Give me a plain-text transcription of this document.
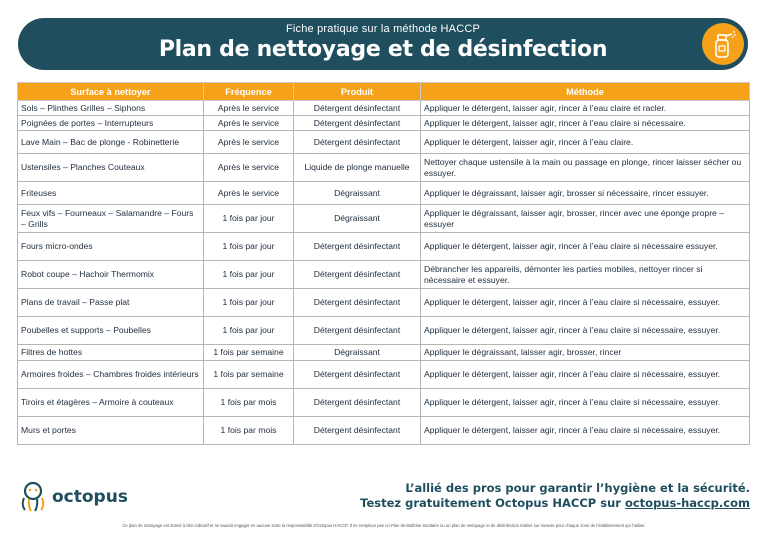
Fiche pratique sur la méthode HACCP
Plan de nettoyage et de désinfection
Surface à nettoyer	Fréquence	Produit	Méthode
Sols – Plinthes Grilles – Siphons	Après le service	Détergent désinfectant	Appliquer le détergent, laisser agir, rincer à l’eau claire et racler.
Poignées de portes – Interrupteurs	Après le service	Détergent désinfectant	Appliquer le détergent, laisser agir, rincer à l’eau claire si nécessaire.
Lave Main – Bac de plonge - Robinetterie	Après le service	Détergent désinfectant	Appliquer le détergent, laisser agir, rincer à l’eau claire.
Ustensiles – Planches Couteaux	Après le service	Liquide de plonge manuelle	Nettoyer chaque ustensile à la main ou passage en plonge, rincer laisser sécher ou essuyer.
Friteuses	Après le service	Dégraissant	Appliquer le dégraissant, laisser agir, brosser si nécessaire, rincer essuyer.
Feux vifs – Fourneaux – Salamandre – Fours – Grills	1 fois par jour	Dégraissant	Appliquer le dégraissant, laisser agir, brosser, rincer avec une éponge propre –essuyer
Fours micro-ondes	1 fois par jour	Détergent désinfectant	Appliquer le détergent, laisser agir, rincer à l’eau claire si nécessaire essuyer.
Robot coupe – Hachoir Thermomix	1 fois par jour	Détergent désinfectant	Débrancher les appareils, démonter les parties mobiles, nettoyer rincer si nécessaire et essuyer.
Plans de travail – Passe plat	1 fois par jour	Détergent désinfectant	Appliquer le détergent, laisser agir, rincer à l’eau claire si nécessaire, essuyer.
Poubelles et supports – Poubelles	1 fois par jour	Détergent désinfectant	Appliquer le détergent, laisser agir, rincer à l’eau claire si nécessaire, essuyer.
Filtres de hottes	1 fois par semaine	Dégraissant	Appliquer le dégraissant, laisser agir, brosser, rincer
Armoires froides – Chambres froides intérieurs	1 fois par semaine	Détergent désinfectant	Appliquer le détergent, laisser agir, rincer à l’eau claire si nécessaire, essuyer.
Tiroirs et étagères – Armoire à couteaux	1 fois par mois	Détergent désinfectant	Appliquer le détergent, laisser agir, rincer à l’eau claire si nécessaire, essuyer.
Murs et portes	1 fois par mois	Détergent désinfectant	Appliquer le détergent, laisser agir, rincer à l’eau claire si nécessaire, essuyer.
octopus	L’allié des pros pour garantir l’hygiène et la sécurité.
Testez gratuitement Octopus HACCP sur octopus-haccp.com
Ce plan de nettoyage est donné à titre indicatif et ne saurait engager en aucune sorte la responsabilité d’Octopus HACCP. Il ne remplace pas un Plan de Maîtrise Sanitaire ou un plan de nettoyage et de désinfection réalisé sur mesure pour chaque zone de l’établissement qui l’utilise.
